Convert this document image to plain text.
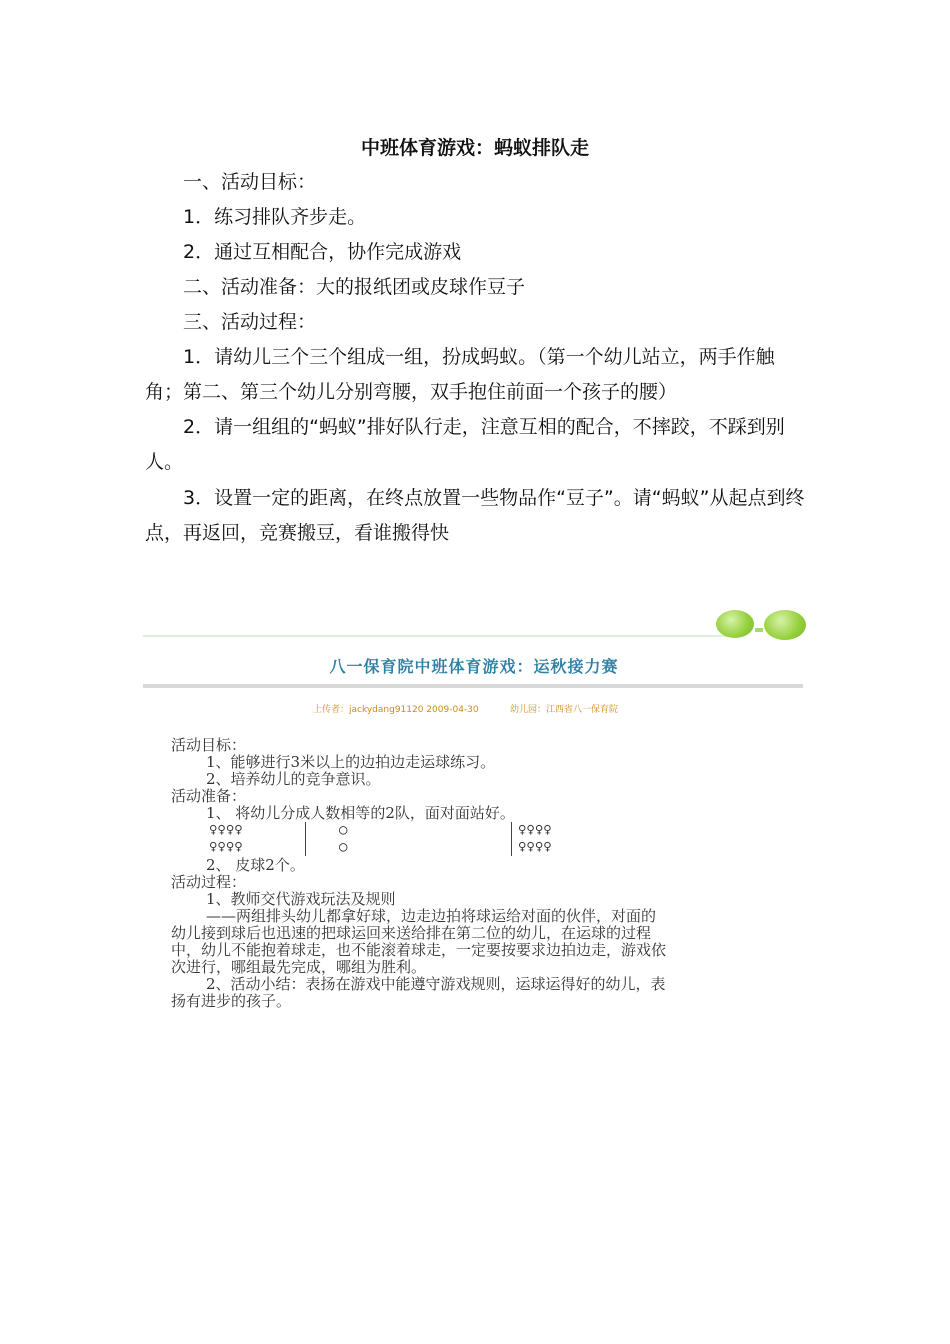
中班体育游戏：蚂蚁排队走
一、活动目标：
1．练习排队齐步走。
2．通过互相配合，协作完成游戏
二、活动准备：大的报纸团或皮球作豆子
三、活动过程：
1．请幼儿三个三个组成一组，扮成蚂蚁。（第一个幼儿站立，两手作触角；第二、第三个幼儿分别弯腰，双手抱住前面一个孩子的腰）
2．请一组组的“蚂蚁”排好队行走，注意互相的配合，不摔跤，不踩到别人。
3．设置一定的距离，在终点放置一些物品作“豆子”。请“蚂蚁”从起点到终点，再返回，竞赛搬豆，看谁搬得快
八一保育院中班体育游戏：运秋接力赛
上传者：jackydang91120 2009-04-30	幼儿园：江西省八一保育院
活动目标：
1、能够进行3米以上的边拍边走运球练习。
2、培养幼儿的竞争意识。
活动准备：
1、 将幼儿分成人数相等的2队，面对面站好。
♀♀♀♀
♀♀♀♀
○
○
♀♀♀♀
♀♀♀♀
2、 皮球2个。
活动过程：
1、教师交代游戏玩法及规则
——两组排头幼儿都拿好球，边走边拍将球运给对面的伙伴，对面的
幼儿接到球后也迅速的把球运回来送给排在第二位的幼儿，在运球的过程
中，幼儿不能抱着球走，也不能滚着球走，一定要按要求边拍边走，游戏依
次进行，哪组最先完成，哪组为胜利。
2、活动小结：表扬在游戏中能遵守游戏规则，运球运得好的幼儿，表
扬有进步的孩子。
